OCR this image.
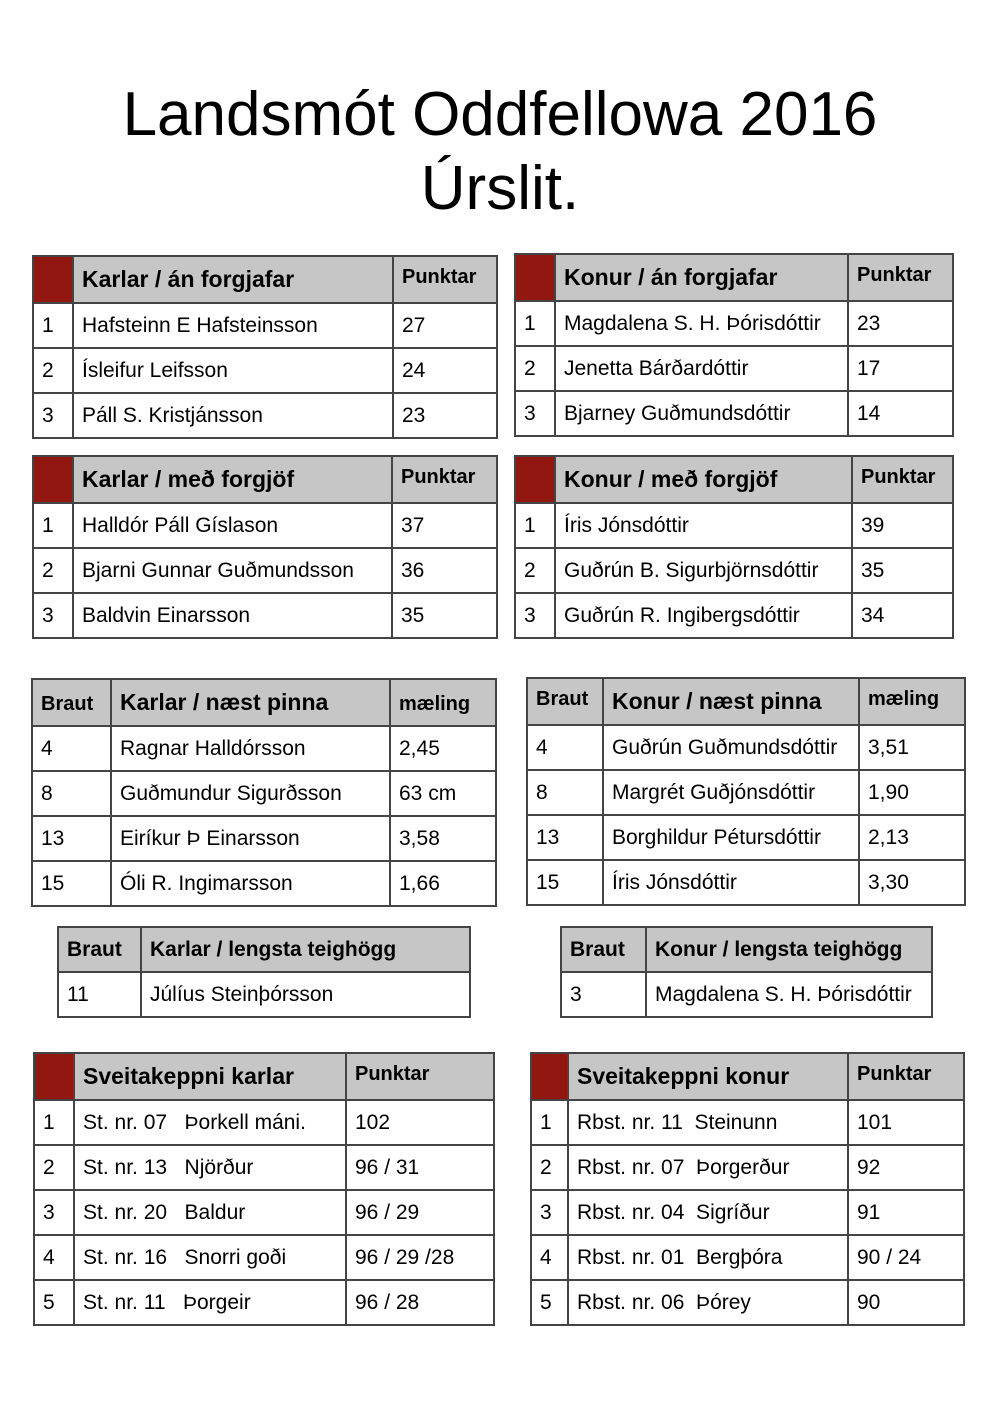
Landsmót Oddfellowa 2016
Úrslit.
	Karlar / án forgjafar	Punktar
1	Hafsteinn E Hafsteinsson	27
2	Ísleifur Leifsson	24
3	Páll S. Kristjánsson	23
	Konur / án forgjafar	Punktar
1	Magdalena S. H. Þórisdóttir	23
2	Jenetta Bárðardóttir	17
3	Bjarney Guðmundsdóttir	14
	Karlar / með forgjöf	Punktar
1	Halldór Páll Gíslason	37
2	Bjarni Gunnar Guðmundsson	36
3	Baldvin Einarsson	35
	Konur / með forgjöf	Punktar
1	Íris Jónsdóttir	39
2	Guðrún B. Sigurbjörnsdóttir	35
3	Guðrún R. Ingibergsdóttir	34
Braut	Karlar / næst pinna	mæling
4	Ragnar Halldórsson	2,45
8	Guðmundur Sigurðsson	63 cm
13	Eiríkur Þ Einarsson	3,58
15	Óli R. Ingimarsson	1,66
Braut	Konur / næst pinna	mæling
4	Guðrún Guðmundsdóttir	3,51
8	Margrét Guðjónsdóttir	1,90
13	Borghildur Pétursdóttir	2,13
15	Íris Jónsdóttir	3,30
Braut	Karlar / lengsta teighögg
11	Júlíus Steinþórsson
Braut	Konur / lengsta teighögg
3	Magdalena S. H. Þórisdóttir
	Sveitakeppni karlar	Punktar
1	St. nr. 07   Þorkell máni.	102
2	St. nr. 13   Njörður	96 / 31
3	St. nr. 20   Baldur	96 / 29
4	St. nr. 16   Snorri goði	96 / 29 /28
5	St. nr. 11   Þorgeir	96 / 28
	Sveitakeppni konur	Punktar
1	Rbst. nr. 11  Steinunn	101
2	Rbst. nr. 07  Þorgerður	92
3	Rbst. nr. 04  Sigríður	91
4	Rbst. nr. 01  Bergþóra	90 / 24
5	Rbst. nr. 06  Þórey	90
